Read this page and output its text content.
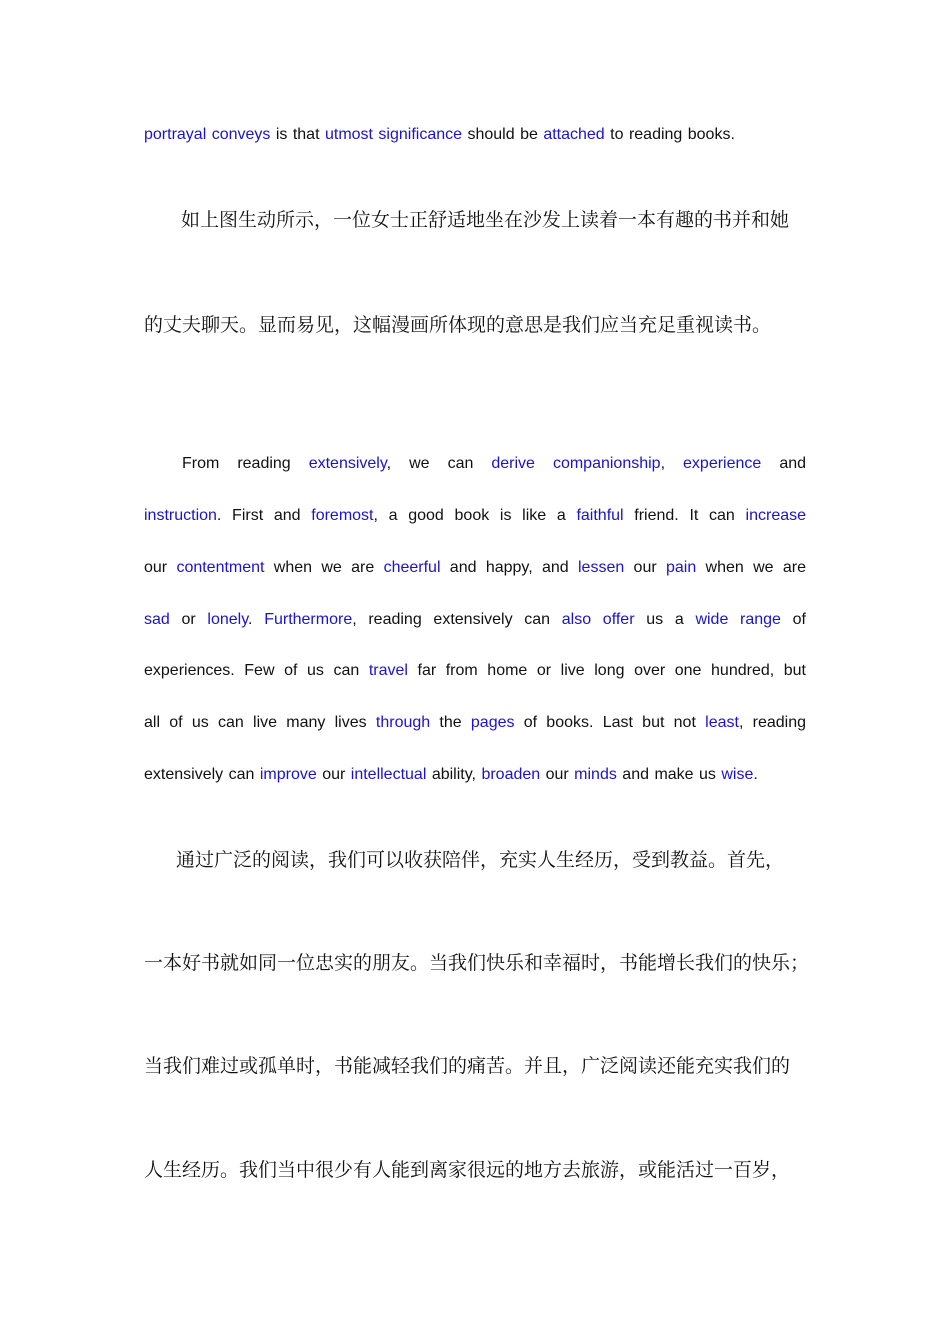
portrayal conveys is that utmost significance should be attached to reading books.

如上图生动所示，一位女士正舒适地坐在沙发上读着一本有趣的书并和她

的丈夫聊天。显而易见，这幅漫画所体现的意思是我们应当充足重视读书。

From reading extensively, we can derive companionship, experience and

instruction. First and foremost, a good book is like a faithful friend. It can increase

our contentment when we are cheerful and happy, and lessen our pain when we are

sad or lonely. Furthermore, reading extensively can also offer us a wide range of

experiences. Few of us can travel far from home or live long over one hundred, but

all of us can live many lives through the pages of books. Last but not least, reading

extensively can improve our intellectual ability, broaden our minds and make us wise.

通过广泛的阅读，我们可以收获陪伴，充实人生经历，受到教益。首先，

一本好书就如同一位忠实的朋友。当我们快乐和幸福时，书能增长我们的快乐；

当我们难过或孤单时，书能减轻我们的痛苦。并且，广泛阅读还能充实我们的

人生经历。我们当中很少有人能到离家很远的地方去旅游，或能活过一百岁，
